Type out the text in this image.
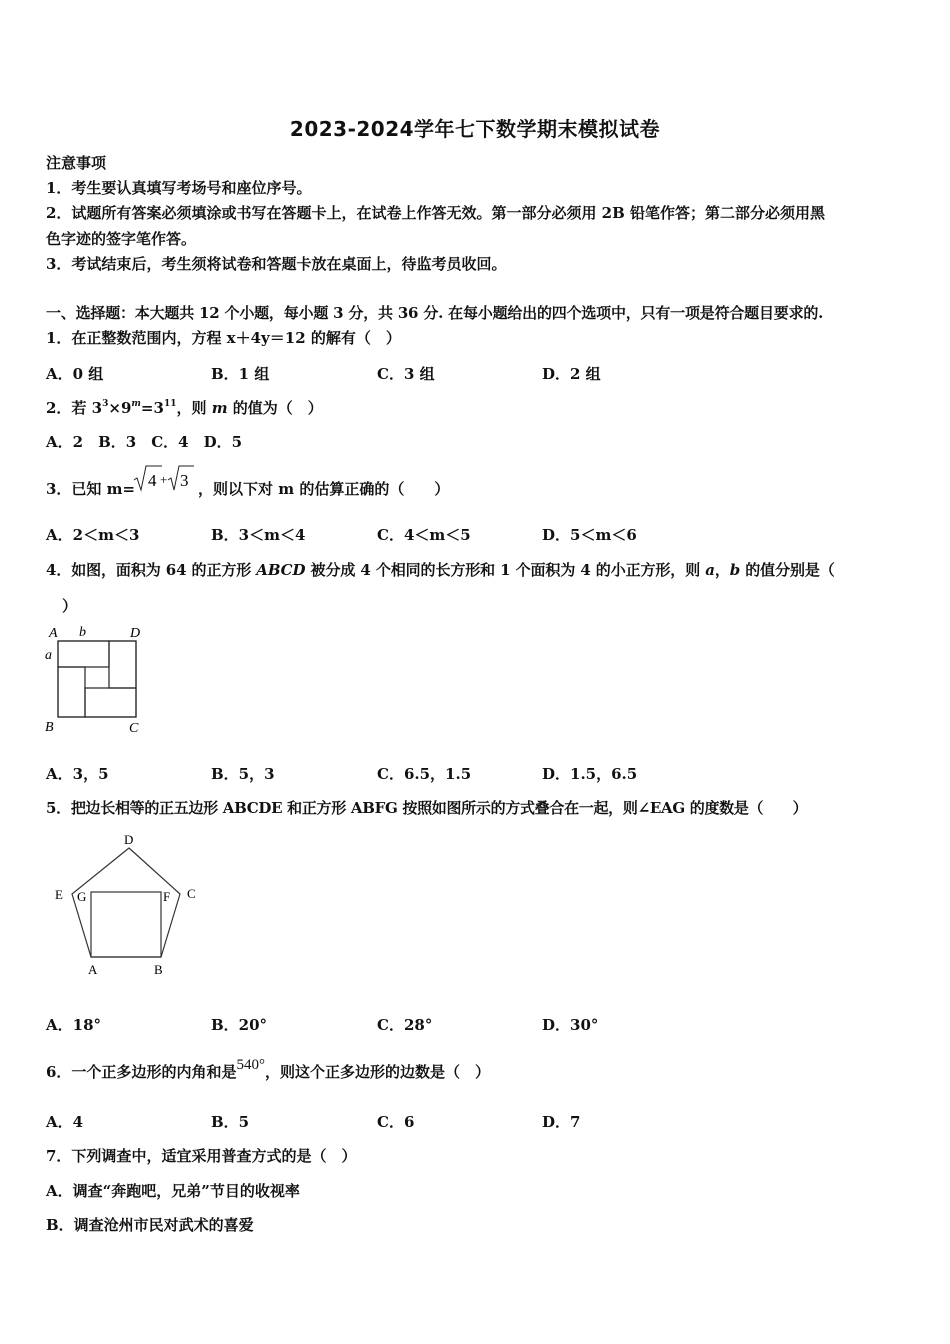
2023-2024学年七下数学期末模拟试卷
注意事项
1．考生要认真填写考场号和座位序号。
2．试题所有答案必须填涂或书写在答题卡上，在试卷上作答无效。第一部分必须用 2B 铅笔作答；第二部分必须用黑
色字迹的签字笔作答。
3．考试结束后，考生须将试卷和答题卡放在桌面上，待监考员收回。
一、选择题：本大题共 12 个小题，每小题 3 分，共 36 分. 在每小题给出的四个选项中，只有一项是符合题目要求的.
1．在正整数范围内，方程 x＋4y＝12 的解有（　）
A．0 组	B．1 组	C．3 组	D．2 组
2．若 $3^3\times 9^m=3^{11}$，则 m 的值为（　）
A．2　B．3　C．4　D．5
3．已知 m= 4 + 3 ，则以下对 m 的估算正确的（　　）
A．2＜m＜3	B．3＜m＜4	C．4＜m＜5	D．5＜m＜6
4．如图，面积为 64 的正方形 ABCD 被分成 4 个相同的长方形和 1 个面积为 4 的小正方形，则 a，b 的值分别是（
）
A b	D
a
B	C
A．3，5	B．5，3	C．6.5，1.5	D．1.5，6.5
5．把边长相等的正五边形 ABCDE 和正方形 ABFG 按照如图所示的方式叠合在一起，则∠EAG 的度数是（　　）
D
E G	F C
A	B
A．18°	B．20°	C．28°	D．30°
6．一个正多边形的内角和是540°，则这个正多边形的边数是（　）
A．4	B．5	C．6	D．7
7．下列调查中，适宜采用普查方式的是（　）
A．调查“奔跑吧，兄弟”节目的收视率
B．调查沧州市民对武术的喜爱
